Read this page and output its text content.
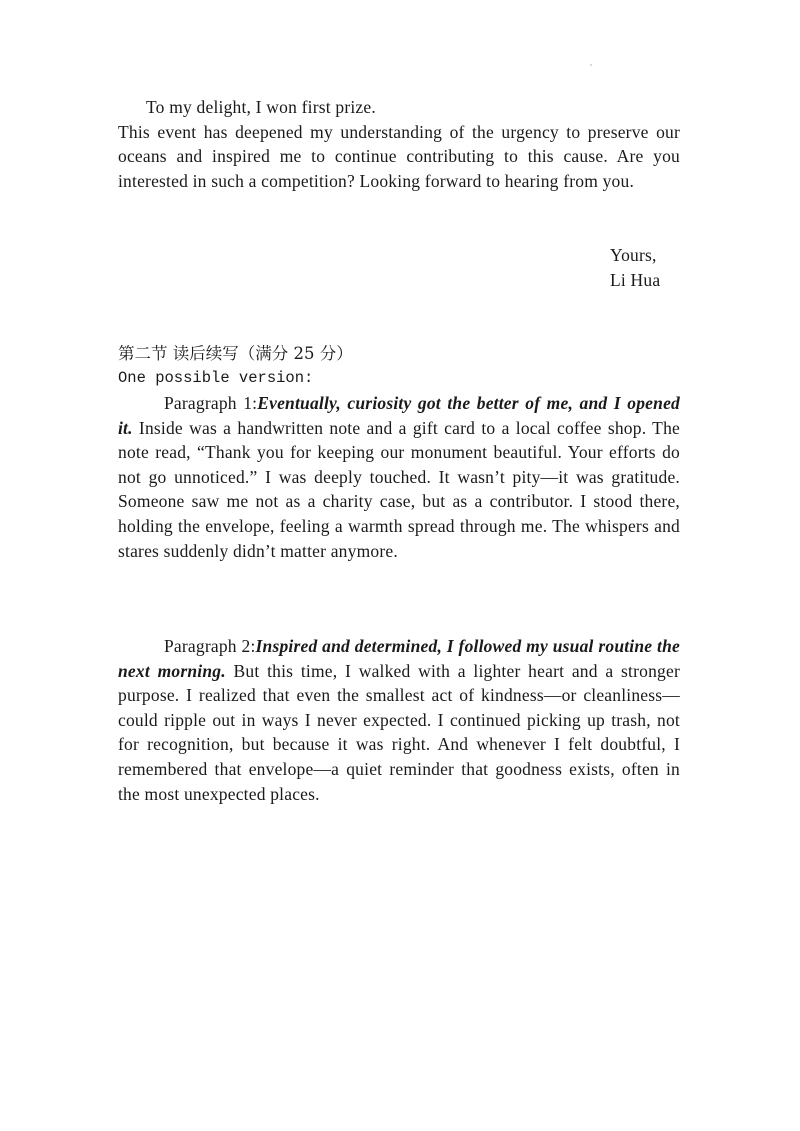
To my delight, I won first prize.
This event has deepened my understanding of the urgency to preserve our oceans and inspired me to continue contributing to this cause. Are you interested in such a competition? Looking forward to hearing from you.
Yours,
Li Hua
第二节 读后续写（满分 25 分）
One possible version:
Paragraph 1:Eventually, curiosity got the better of me, and I opened it. Inside was a handwritten note and a gift card to a local coffee shop. The note read, “Thank you for keeping our monument beautiful. Your efforts do not go unnoticed.” I was deeply touched. It wasn’t pity—it was gratitude. Someone saw me not as a charity case, but as a contributor. I stood there, holding the envelope, feeling a warmth spread through me. The whispers and stares suddenly didn’t matter anymore.
Paragraph 2:Inspired and determined, I followed my usual routine the next morning. But this time, I walked with a lighter heart and a stronger purpose. I realized that even the smallest act of kindness—or cleanliness—could ripple out in ways I never expected. I continued picking up trash, not for recognition, but because it was right. And whenever I felt doubtful, I remembered that envelope—a quiet reminder that goodness exists, often in the most unexpected places.
